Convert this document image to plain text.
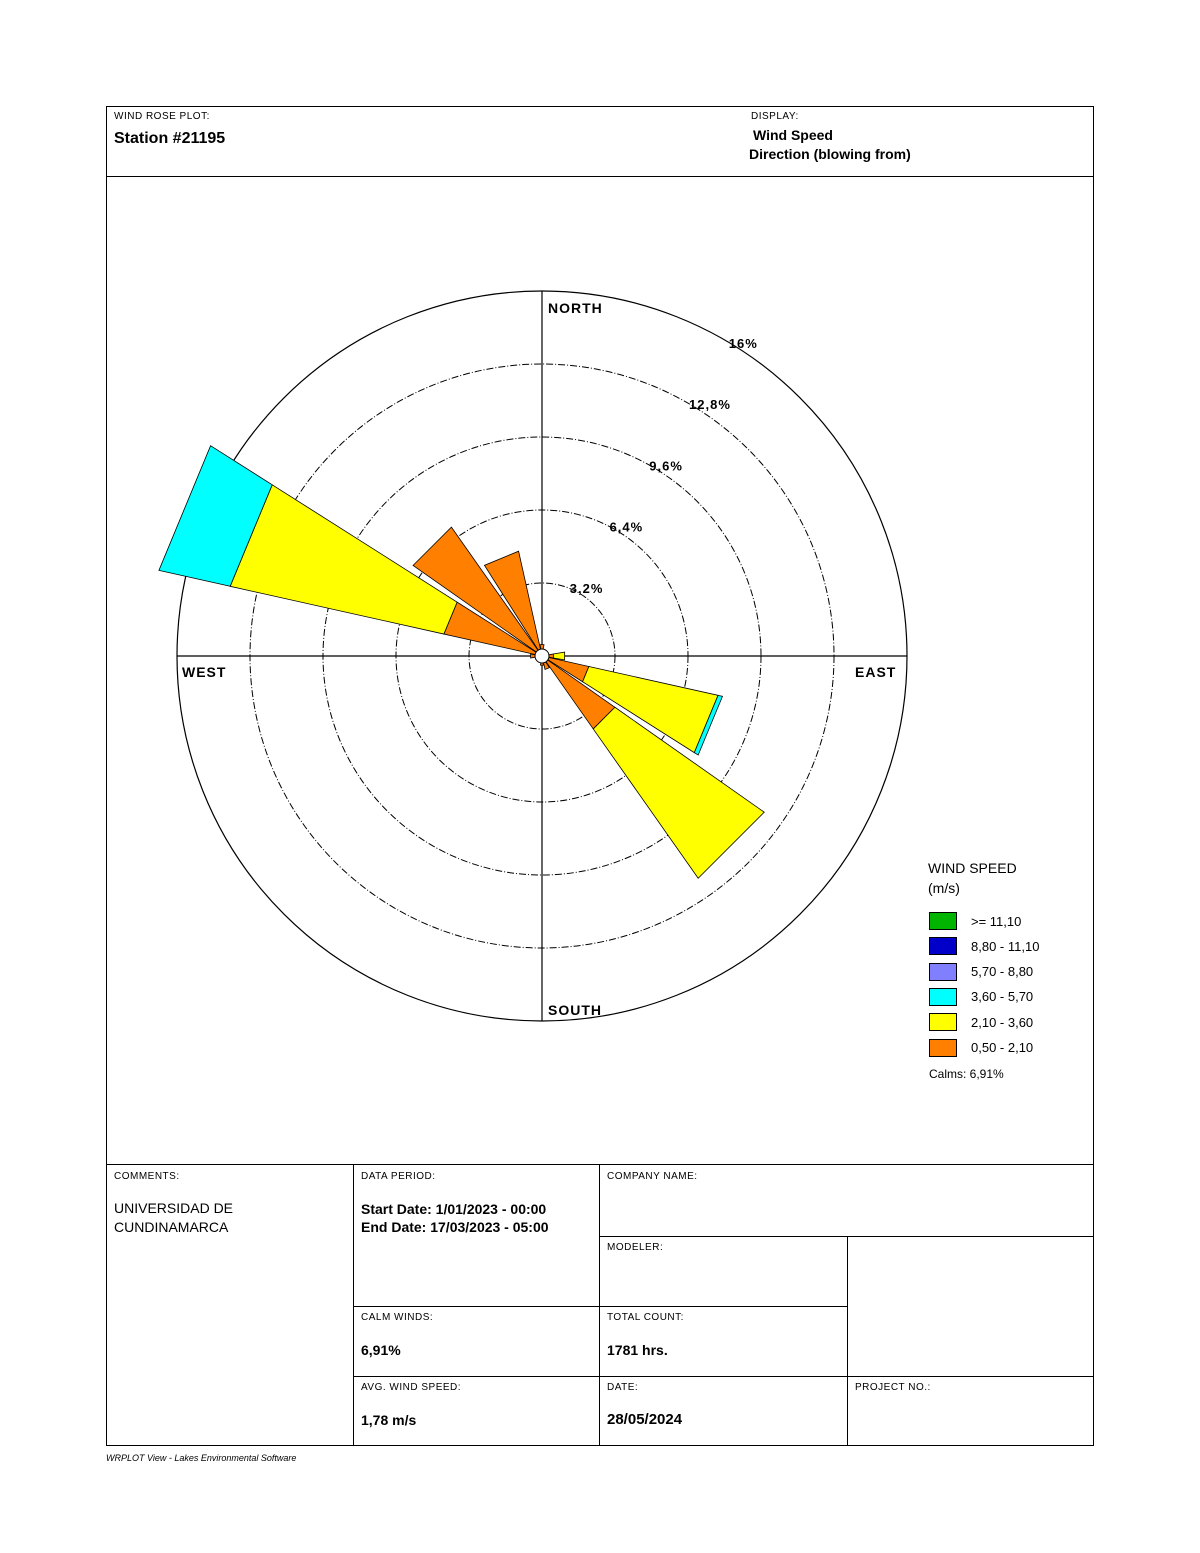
WIND ROSE PLOT:
Station #21195
DISPLAY:
Wind Speed
Direction (blowing from)
3,2%
6,4%
9,6%
12,8%
16%
NORTH
SOUTH
EAST
WEST
WIND SPEED
(m/s)
>= 11,10
8,80 - 11,10
5,70 - 8,80
3,60 - 5,70
2,10 - 3,60
0,50 - 2,10
Calms: 6,91%
COMMENTS:
UNIVERSIDAD DE
CUNDINAMARCA
DATA PERIOD:
Start Date: 1/01/2023 - 00:00
End Date: 17/03/2023 - 05:00
COMPANY NAME:
MODELER:
CALM WINDS:
6,91%
TOTAL COUNT:
1781 hrs.
AVG. WIND SPEED:
1,78 m/s
DATE:
28/05/2024
PROJECT NO.:
WRPLOT View - Lakes Environmental Software
